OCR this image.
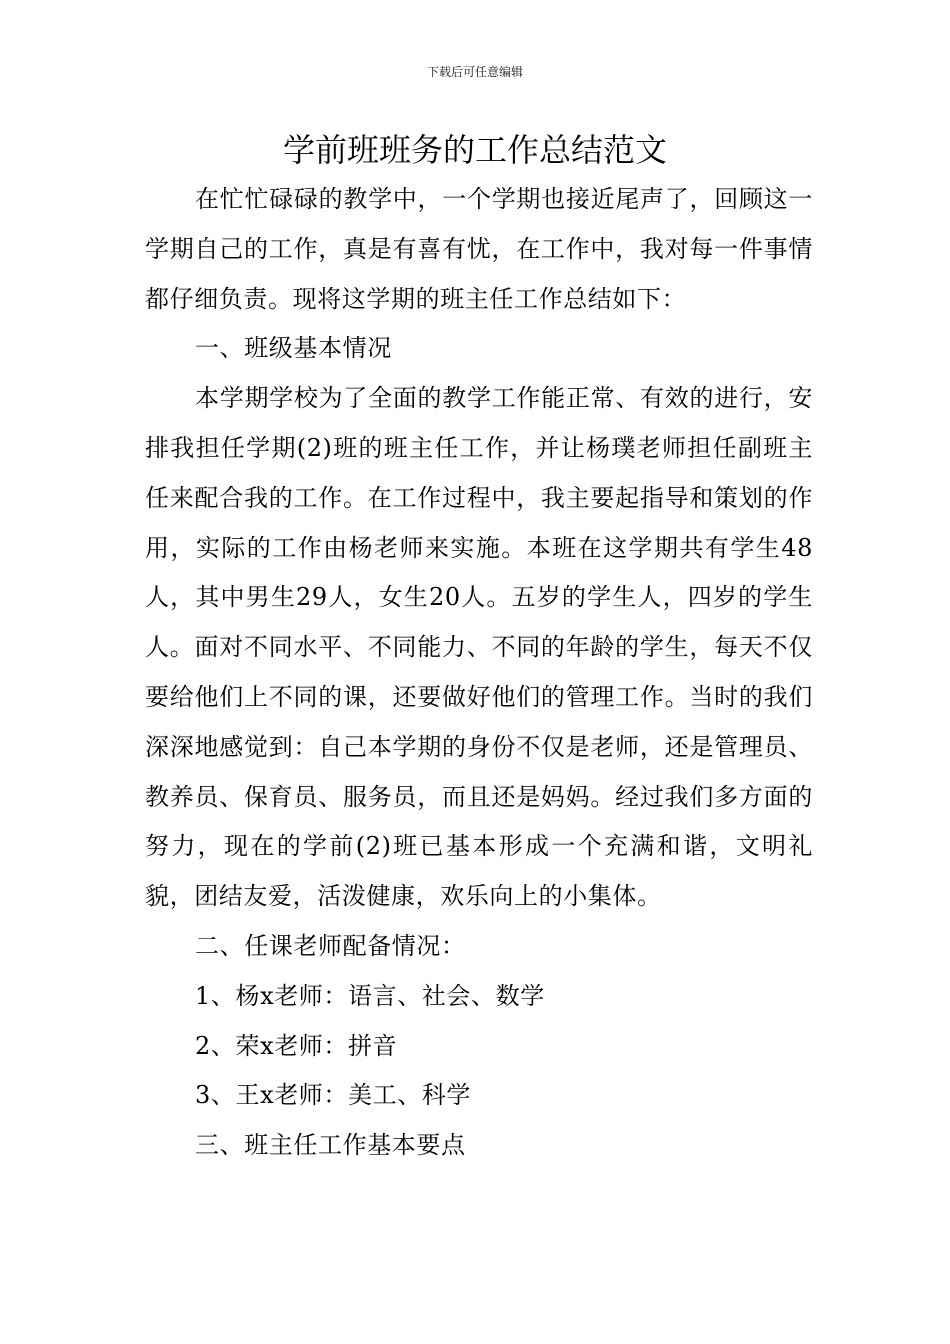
下载后可任意编辑
学前班班务的工作总结范文

在忙忙碌碌的教学中，一个学期也接近尾声了，回顾这一学期自己的工作，真是有喜有忧，在工作中，我对每一件事情都仔细负责。现将这学期的班主任工作总结如下：

一、班级基本情况

本学期学校为了全面的教学工作能正常、有效的进行，安排我担任学期(2)班的班主任工作，并让杨璞老师担任副班主任来配合我的工作。在工作过程中，我主要起指导和策划的作用，实际的工作由杨老师来实施。本班在这学期共有学生48人，其中男生29人，女生20人。五岁的学生人，四岁的学生人。面对不同水平、不同能力、不同的年龄的学生，每天不仅要给他们上不同的课，还要做好他们的管理工作。当时的我们深深地感觉到：自己本学期的身份不仅是老师，还是管理员、教养员、保育员、服务员，而且还是妈妈。经过我们多方面的努力，现在的学前(2)班已基本形成一个充满和谐，文明礼貌，团结友爱，活泼健康，欢乐向上的小集体。

二、任课老师配备情况：

1、杨x老师：语言、社会、数学

2、荣x老师：拼音

3、王x老师：美工、科学

三、班主任工作基本要点
